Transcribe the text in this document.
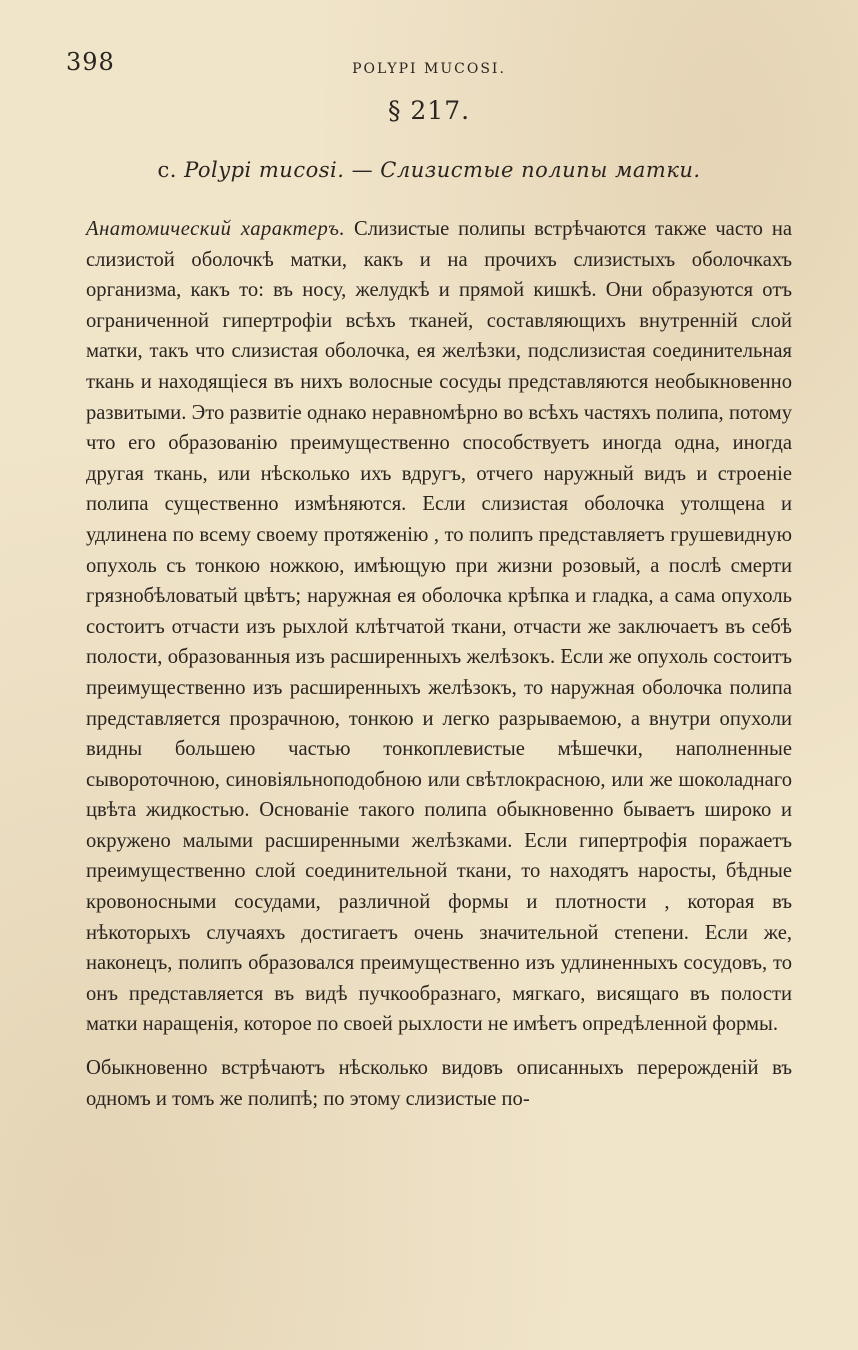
398	POLYPI MUCOSI.
§ 217.
c. Polypi mucosi. — Слизистые полипы матки.

Анатомический характеръ. Слизистые полипы встрѣчаются также часто на слизистой оболочкѣ матки, какъ и на прочихъ слизистыхъ оболочкахъ организма, какъ то: въ носу, желудкѣ и прямой кишкѣ. Они образуются отъ ограниченной гипертрофіи всѣхъ тканей, составляющихъ внутренній слой матки, такъ что слизистая оболочка, ея желѣзки, подслизистая соединительная ткань и находящіеся въ нихъ волосные сосуды представляются необыкновенно развитыми. Это развитіе однако неравномѣрно во всѣхъ частяхъ полипа, потому что его образованію преимущественно способствуетъ иногда одна, иногда другая ткань, или нѣсколько ихъ вдругъ, отчего наружный видъ и строеніе полипа существенно измѣняются. Если слизистая оболочка утолщена и удлинена по всему своему протяженію , то полипъ представляетъ грушевидную опухоль съ тонкою ножкою, имѣющую при жизни розовый, а послѣ смерти грязнобѣловатый цвѣтъ; наружная ея оболочка крѣпка и гладка, а сама опухоль состоитъ отчасти изъ рыхлой клѣтчатой ткани, отчасти же заключаетъ въ себѣ полости, образованныя изъ расширенныхъ желѣзокъ. Если же опухоль состоитъ преимущественно изъ расширенныхъ желѣзокъ, то наружная оболочка полипа представляется прозрачною, тонкою и легко разрываемою, а внутри опухоли видны большею частью тонкоплевистые мѣшечки, наполненные сывороточною, синовіяльноподобною или свѣтлокрасною, или же шоколаднаго цвѣта жидкостью. Основаніе такого полипа обыкновенно бываетъ широко и окружено малыми расширенными желѣзками. Если гипертрофія поражаетъ преимущественно слой соединительной ткани, то находятъ наросты, бѣдные кровоносными сосудами, различной формы и плотности , которая въ нѣкоторыхъ случаяхъ достигаетъ очень значительной степени. Если же, наконецъ, полипъ образовался преимущественно изъ удлиненныхъ сосудовъ, то онъ представляется въ видѣ пучкообразнаго, мягкаго, висящаго въ полости матки наращенія, которое по своей рыхлости не имѣетъ опредѣленной формы.

Обыкновенно встрѣчаютъ нѣсколько видовъ описанныхъ перерожденій въ одномъ и томъ же полипѣ; по этому слизистые по-
